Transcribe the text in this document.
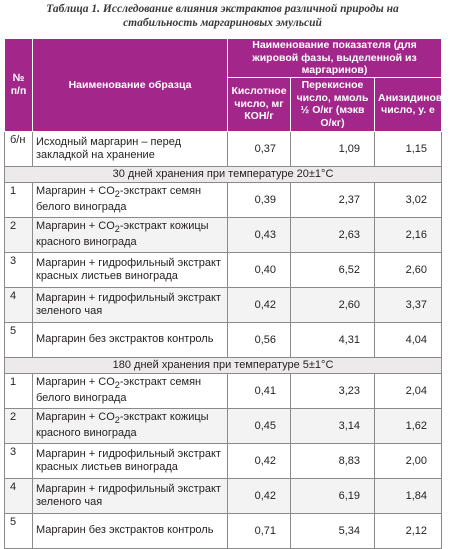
Таблица 1. Исследование влияния экстрактов различной природы на
стабильность маргариновых эмульсий
№ п/п	Наименование образца	Наименование показателя (для жировой фазы, выделенной из маргаринов)		
		Кислотное число, мг КОН/г	Перекисное число, ммоль ½ О/кг (мэкв О/кг)	Анизидиновое число, у. е
б/н	Исходный маргарин – перед закладкой на хранение	0,37	1,09	1,15
30 дней хранения при температуре 20±1°C				
1	Маргарин + $CO_2$-экстракт семян белого винограда	0,39	2,37	3,02
2	Маргарин + $CO_2$-экстракт кожицы красного винограда	0,43	2,63	2,16
3	Маргарин + гидрофильный экстракт красных листьев винограда	0,40	6,52	2,60
4	Маргарин + гидрофильный экстракт зеленого чая	0,42	2,60	3,37
5	Маргарин без экстрактов контроль	0,56	4,31	4,04
180 дней хранения при температуре 5±1°C				
1	Маргарин + $CO_2$-экстракт семян белого винограда	0,41	3,23	2,04
2	Маргарин + $CO_2$-экстракт кожицы красного винограда	0,45	3,14	1,62
3	Маргарин + гидрофильный экстракт красных листьев винограда	0,42	8,83	2,00
4	Маргарин + гидрофильный экстракт зеленого чая	0,42	6,19	1,84
5	Маргарин без экстрактов контроль	0,71	5,34	2,12
